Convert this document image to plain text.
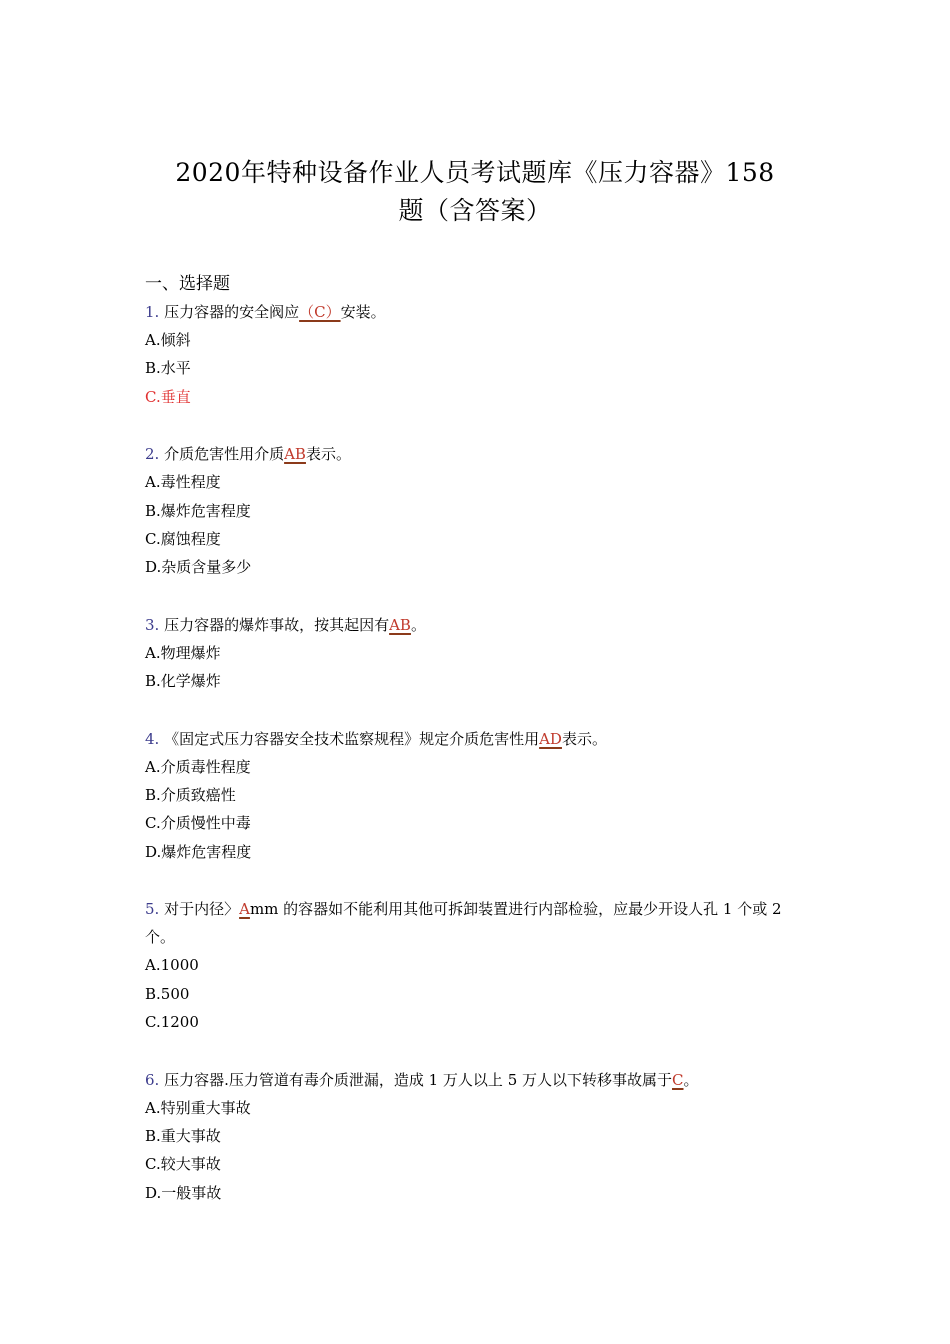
2020年特种设备作业人员考试题库《压力容器》158
题（含答案）
一、选择题
1. 压力容器的安全阀应（C）安装。
A.倾斜
B.水平
C.垂直
2. 介质危害性用介质AB表示。
A.毒性程度
B.爆炸危害程度
C.腐蚀程度
D.杂质含量多少
3. 压力容器的爆炸事故，按其起因有AB。
A.物理爆炸
B.化学爆炸
4. 《固定式压力容器安全技术监察规程》规定介质危害性用AD表示。
A.介质毒性程度
B.介质致癌性
C.介质慢性中毒
D.爆炸危害程度
5. 对于内径〉Amm 的容器如不能利用其他可拆卸装置进行内部检验，应最少开设人孔 1 个或 2 个。
A.1000
B.500
C.1200
6. 压力容器.压力管道有毒介质泄漏，造成 1 万人以上 5 万人以下转移事故属于C。
A.特别重大事故
B.重大事故
C.较大事故
D.一般事故
